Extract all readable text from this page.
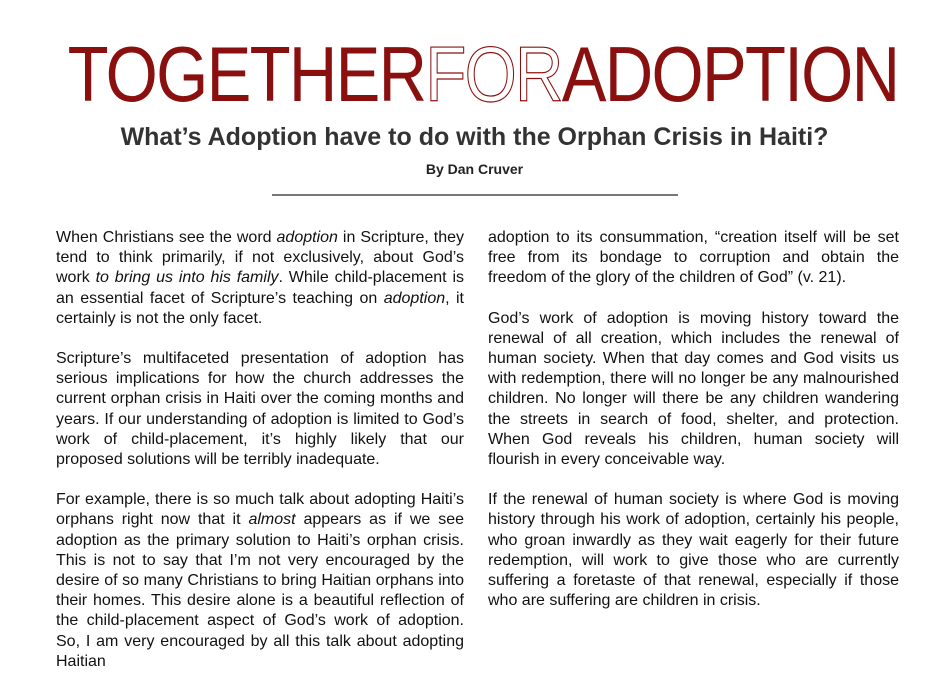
TOGETHERFORADOPTION
What’s Adoption have to do with the Orphan Crisis in Haiti?
By Dan Cruver

When Christians see the word adoption in Scripture, they tend to think primarily, if not exclusively, about God’s work to bring us into his family. While child-placement is an essential facet of Scripture’s teaching on adoption, it certainly is not the only facet.

Scripture’s multifaceted presentation of adoption has serious implications for how the church addresses the current orphan crisis in Haiti over the coming months and years. If our understanding of adoption is limited to God’s work of child-placement, it’s highly likely that our proposed solutions will be terribly inadequate.

For example, there is so much talk about adopting Haiti’s orphans right now that it almost appears as if we see adoption as the primary solution to Haiti’s orphan crisis. This is not to say that I’m not very encouraged by the desire of so many Christians to bring Haitian orphans into their homes. This desire alone is a beautiful reflection of the child-placement aspect of God’s work of adoption. So, I am very encouraged by all this talk about adopting Haitian

adoption to its consummation, “creation itself will be set free from its bondage to corruption and obtain the freedom of the glory of the children of God” (v. 21).

God’s work of adoption is moving history toward the renewal of all creation, which includes the renewal of human society. When that day comes and God visits us with redemption, there will no longer be any malnourished children. No longer will there be any children wandering the streets in search of food, shelter, and protection. When God reveals his children, human society will flourish in every conceivable way.

If the renewal of human society is where God is moving history through his work of adoption, certainly his people, who groan inwardly as they wait eagerly for their future redemption, will work to give those who are currently suffering a foretaste of that renewal, especially if those who are suffering are children in crisis.
